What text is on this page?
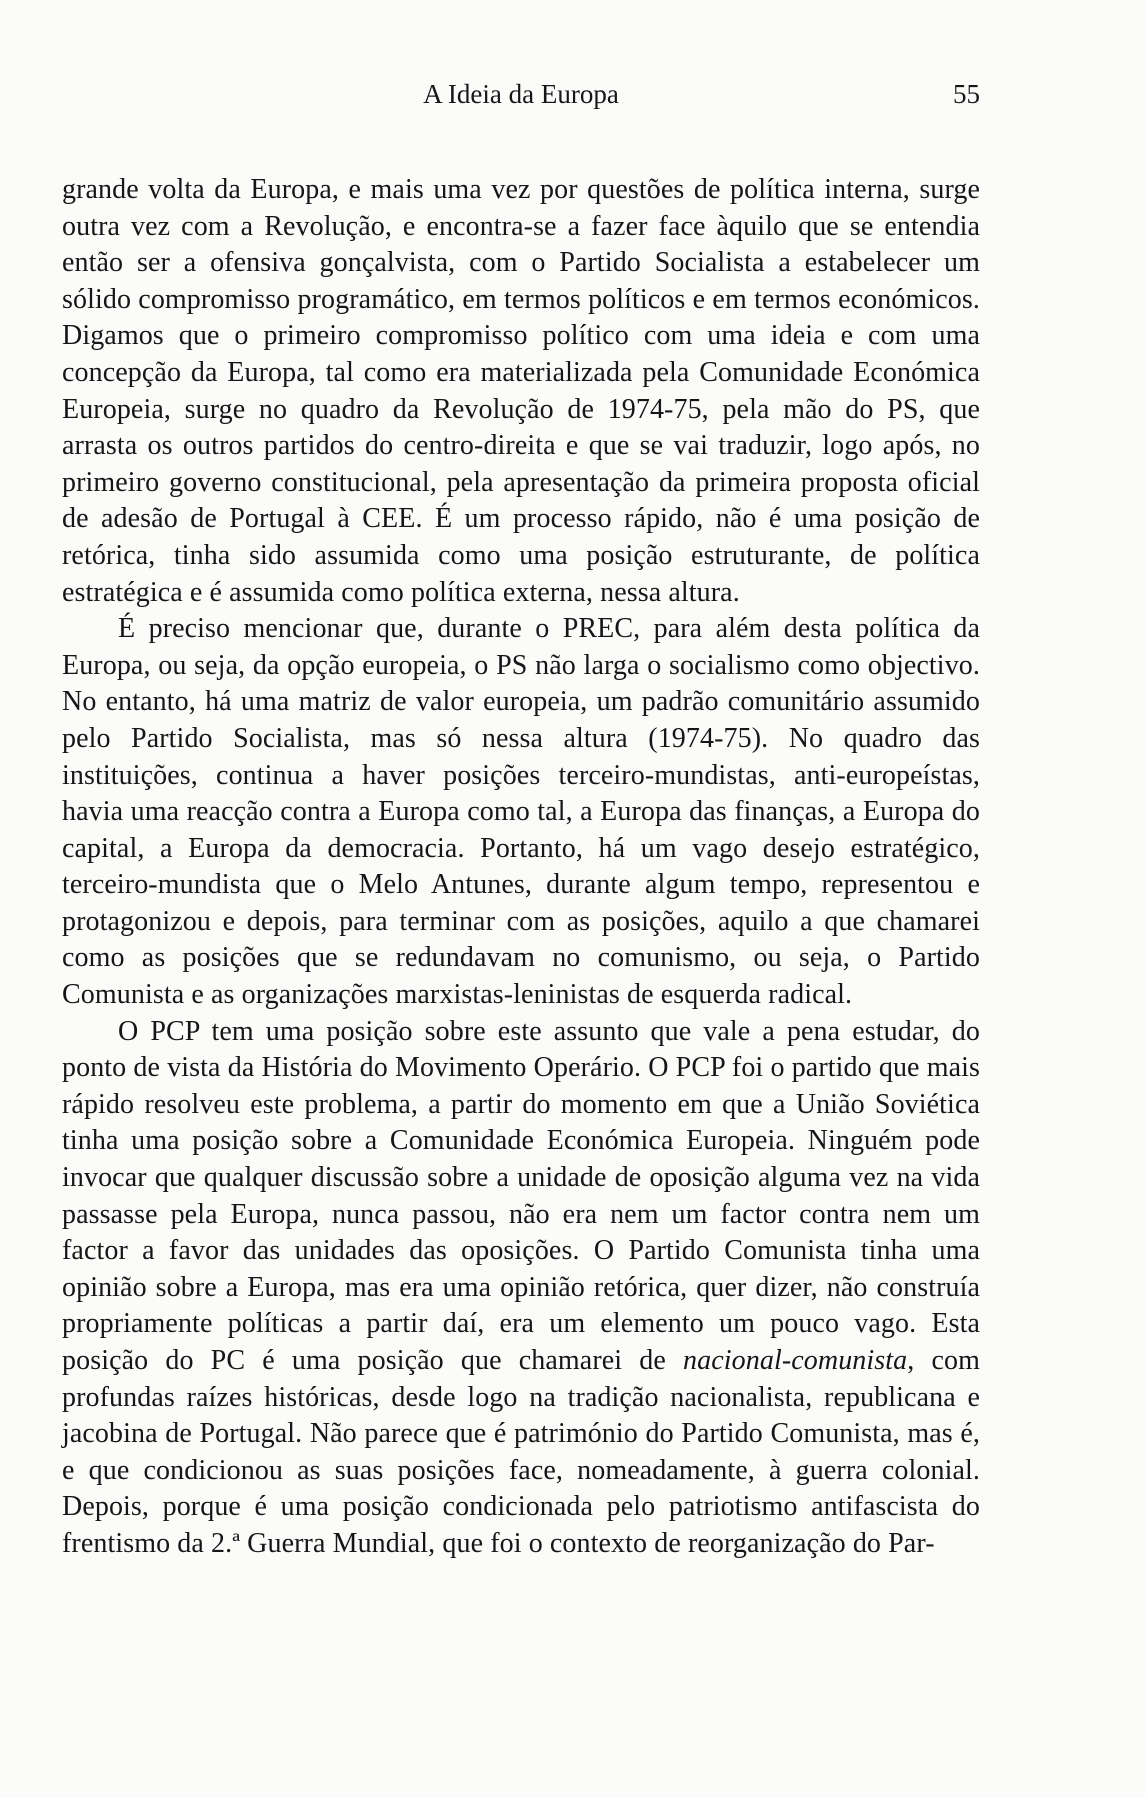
A Ideia da Europa	55

grande volta da Europa, e mais uma vez por questões de política interna, surge outra vez com a Revolução, e encontra-se a fazer face àquilo que se entendia então ser a ofensiva gonçalvista, com o Partido Socialista a estabelecer um sólido compromisso programático, em termos políticos e em termos económicos. Digamos que o primeiro compromisso político com uma ideia e com uma concepção da Europa, tal como era materializada pela Comunidade Económica Europeia, surge no quadro da Revolução de 1974-75, pela mão do PS, que arrasta os outros partidos do centro-direita e que se vai traduzir, logo após, no primeiro governo constitucional, pela apresentação da primeira proposta oficial de adesão de Portugal à CEE. É um processo rápido, não é uma posição de retórica, tinha sido assumida como uma posição estruturante, de política estratégica e é assumida como política externa, nessa altura.

É preciso mencionar que, durante o PREC, para além desta política da Europa, ou seja, da opção europeia, o PS não larga o socialismo como objectivo. No entanto, há uma matriz de valor europeia, um padrão comunitário assumido pelo Partido Socialista, mas só nessa altura (1974-75). No quadro das instituições, continua a haver posições terceiro-mundistas, anti-europeístas, havia uma reacção contra a Europa como tal, a Europa das finanças, a Europa do capital, a Europa da democracia. Portanto, há um vago desejo estratégico, terceiro-mundista que o Melo Antunes, durante algum tempo, representou e protagonizou e depois, para terminar com as posições, aquilo a que chamarei como as posições que se redundavam no comunismo, ou seja, o Partido Comunista e as organizações marxistas-leninistas de esquerda radical.

O PCP tem uma posição sobre este assunto que vale a pena estudar, do ponto de vista da História do Movimento Operário. O PCP foi o partido que mais rápido resolveu este problema, a partir do momento em que a União Soviética tinha uma posição sobre a Comunidade Económica Europeia. Ninguém pode invocar que qualquer discussão sobre a unidade de oposição alguma vez na vida passasse pela Europa, nunca passou, não era nem um factor contra nem um factor a favor das unidades das oposições. O Partido Comunista tinha uma opinião sobre a Europa, mas era uma opinião retórica, quer dizer, não construía propriamente políticas a partir daí, era um elemento um pouco vago. Esta posição do PC é uma posição que chamarei de nacional-comunista, com profundas raízes históricas, desde logo na tradição nacionalista, republicana e jacobina de Portugal. Não parece que é património do Partido Comunista, mas é, e que condicionou as suas posições face, nomeadamente, à guerra colonial. Depois, porque é uma posição condicionada pelo patriotismo antifascista do frentismo da 2.ª Guerra Mundial, que foi o contexto de reorganização do Par-
